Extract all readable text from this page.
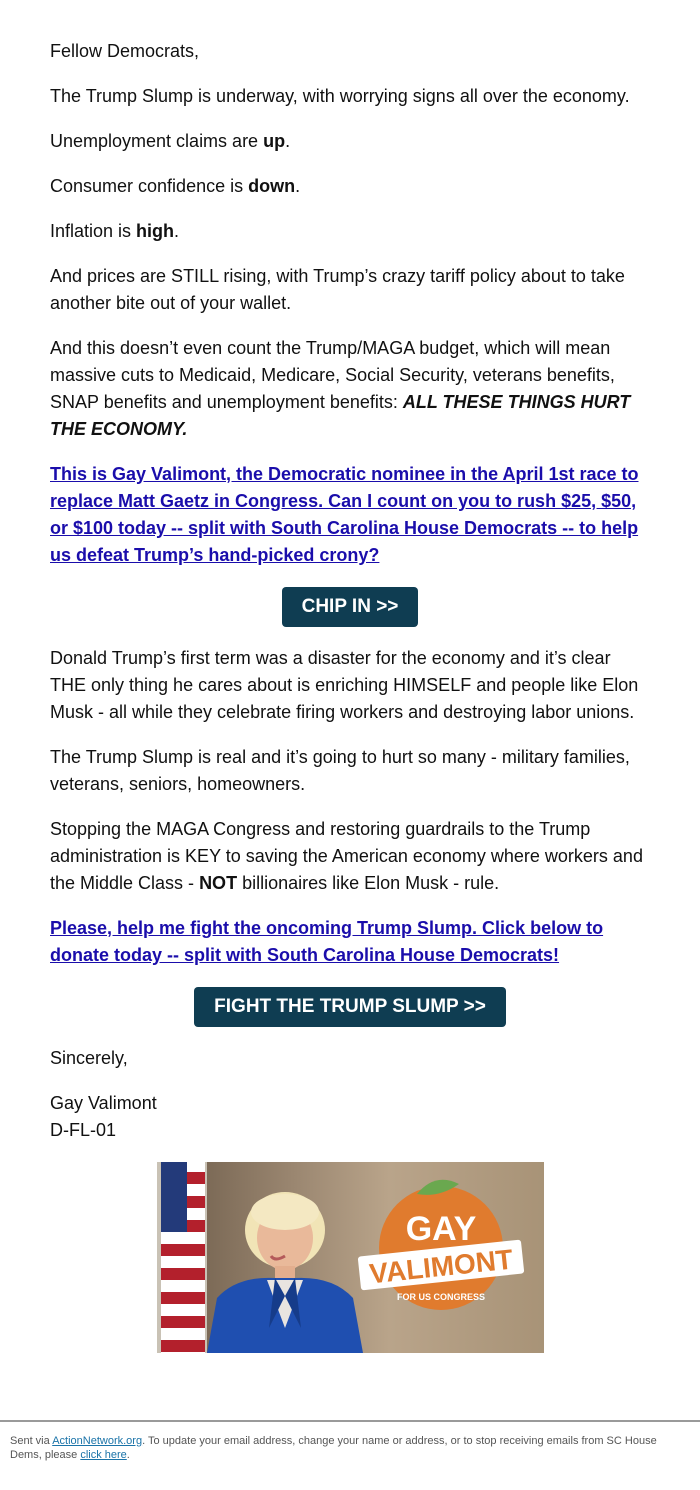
Fellow Democrats,

The Trump Slump is underway, with worrying signs all over the economy.

Unemployment claims are up.

Consumer confidence is down.

Inflation is high.

And prices are STILL rising, with Trump’s crazy tariff policy about to take another bite out of your wallet.

And this doesn’t even count the Trump/MAGA budget, which will mean massive cuts to Medicaid, Medicare, Social Security, veterans benefits, SNAP benefits and unemployment benefits: ALL THESE THINGS HURT THE ECONOMY.

This is Gay Valimont, the Democratic nominee in the April 1st race to replace Matt Gaetz in Congress. Can I count on you to rush $25, $50, or $100 today -- split with South Carolina House Democrats -- to help us defeat Trump’s hand-picked crony?

CHIP IN >>

Donald Trump’s first term was a disaster for the economy and it’s clear THE only thing he cares about is enriching HIMSELF and people like Elon Musk - all while they celebrate firing workers and destroying labor unions.

The Trump Slump is real and it’s going to hurt so many - military families, veterans, seniors, homeowners.

Stopping the MAGA Congress and restoring guardrails to the Trump administration is KEY to saving the American economy where workers and the Middle Class - NOT billionaires like Elon Musk - rule.

Please, help me fight the oncoming Trump Slump. Click below to donate today -- split with South Carolina House Democrats!

FIGHT THE TRUMP SLUMP >>

Sincerely,

Gay Valimont

D-FL-01

GAY
VALIMONT
FOR US CONGRESS
Sent via ActionNetwork.org. To update your email address, change your name or address, or to stop receiving emails from SC House Dems, please click here.
